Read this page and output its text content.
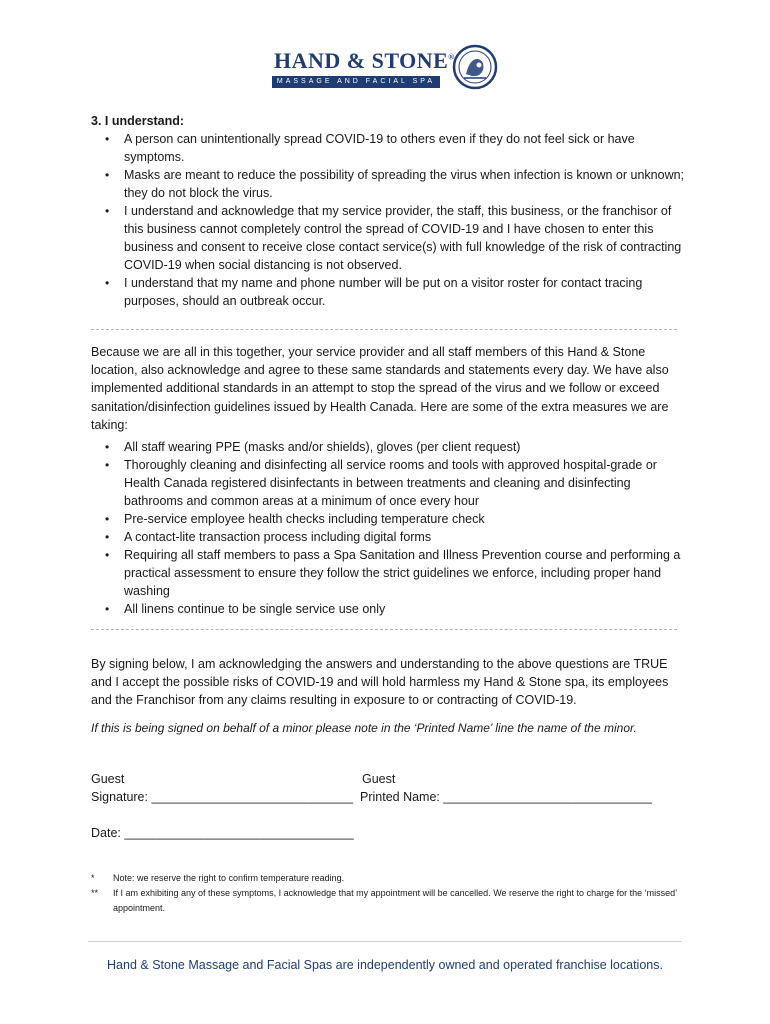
HAND & STONE®
MASSAGE AND FACIAL SPA
3. I understand:
• A person can unintentionally spread COVID-19 to others even if they do not feel sick or have symptoms.
• Masks are meant to reduce the possibility of spreading the virus when infection is known or unknown; they do not block the virus.
• I understand and acknowledge that my service provider, the staff, this business, or the franchisor of this business cannot completely control the spread of COVID-19 and I have chosen to enter this business and consent to receive close contact service(s) with full knowledge of the risk of contracting COVID-19 when social distancing is not observed.
• I understand that my name and phone number will be put on a visitor roster for contact tracing purposes, should an outbreak occur.
Because we are all in this together, your service provider and all staff members of this Hand & Stone location, also acknowledge and agree to these same standards and statements every day. We have also implemented additional standards in an attempt to stop the spread of the virus and we follow or exceed sanitation/disinfection guidelines issued by Health Canada. Here are some of the extra measures we are taking:
• All staff wearing PPE (masks and/or shields), gloves (per client request)
• Thoroughly cleaning and disinfecting all service rooms and tools with approved hospital-grade or Health Canada registered disinfectants in between treatments and cleaning and disinfecting bathrooms and common areas at a minimum of once every hour
• Pre-service employee health checks including temperature check
• A contact-lite transaction process including digital forms
• Requiring all staff members to pass a Spa Sanitation and Illness Prevention course and performing a practical assessment to ensure they follow the strict guidelines we enforce, including proper hand washing
• All linens continue to be single service use only
By signing below, I am acknowledging the answers and understanding to the above questions are TRUE and I accept the possible risks of COVID-19 and will hold harmless my Hand & Stone spa, its employees and the Franchisor from any claims resulting in exposure to or contracting of COVID-19.
If this is being signed on behalf of a minor please note in the ‘Printed Name’ line the name of the minor.
Guest
Signature: _____________________________
Guest
Printed Name: ______________________________
Date: _________________________________
* Note: we reserve the right to confirm temperature reading.
** If I am exhibiting any of these symptoms, I acknowledge that my appointment will be cancelled. We reserve the right to charge for the ‘missed’ appointment.
Hand & Stone Massage and Facial Spas are independently owned and operated franchise locations.
